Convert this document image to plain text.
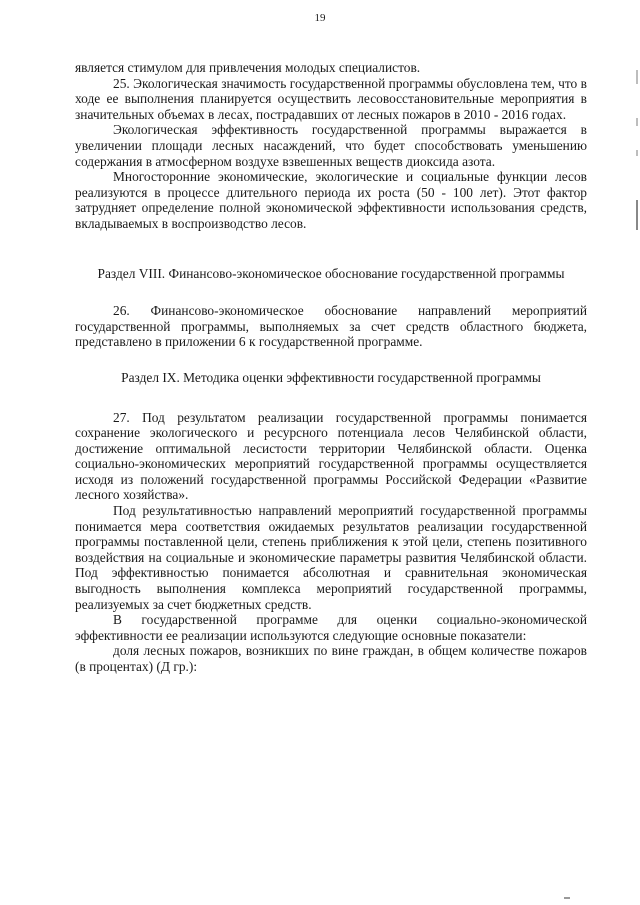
19

является стимулом для привлечения молодых специалистов.

25. Экологическая значимость государственной программы обусловлена тем, что в ходе ее выполнения планируется осуществить лесовосстановительные мероприятия в значительных объемах в лесах, пострадавших от лесных пожаров в 2010 - 2016 годах.

Экологическая эффективность государственной программы выражается в увеличении площади лесных насаждений, что будет способствовать уменьшению содержания в атмосферном воздухе взвешенных веществ диоксида азота.

Многосторонние экономические, экологические и социальные функции лесов реализуются в процессе длительного периода их роста (50 - 100 лет). Этот фактор затрудняет определение полной экономической эффективности использования средств, вкладываемых в воспроизводство лесов.

Раздел VIII. Финансово-экономическое обоснование государственной программы

26. Финансово-экономическое обоснование направлений мероприятий государственной программы, выполняемых за счет средств областного бюджета, представлено в приложении 6 к государственной программе.

Раздел IX. Методика оценки эффективности государственной программы

27. Под результатом реализации государственной программы понимается сохранение экологического и ресурсного потенциала лесов Челябинской области, достижение оптимальной лесистости территории Челябинской области. Оценка социально-экономических мероприятий государственной программы осуществляется исходя из положений государственной программы Российской Федерации «Развитие лесного хозяйства».

Под результативностью направлений мероприятий государственной программы понимается мера соответствия ожидаемых результатов реализации государственной программы поставленной цели, степень приближения к этой цели, степень позитивного воздействия на социальные и экономические параметры развития Челябинской области. Под эффективностью понимается абсолютная и сравнительная экономическая выгодность выполнения комплекса мероприятий государственной программы, реализуемых за счет бюджетных средств.

В государственной программе для оценки социально-экономической эффективности ее реализации используются следующие основные показатели:

доля лесных пожаров, возникших по вине граждан, в общем количестве пожаров (в процентах) (Д гр.):
